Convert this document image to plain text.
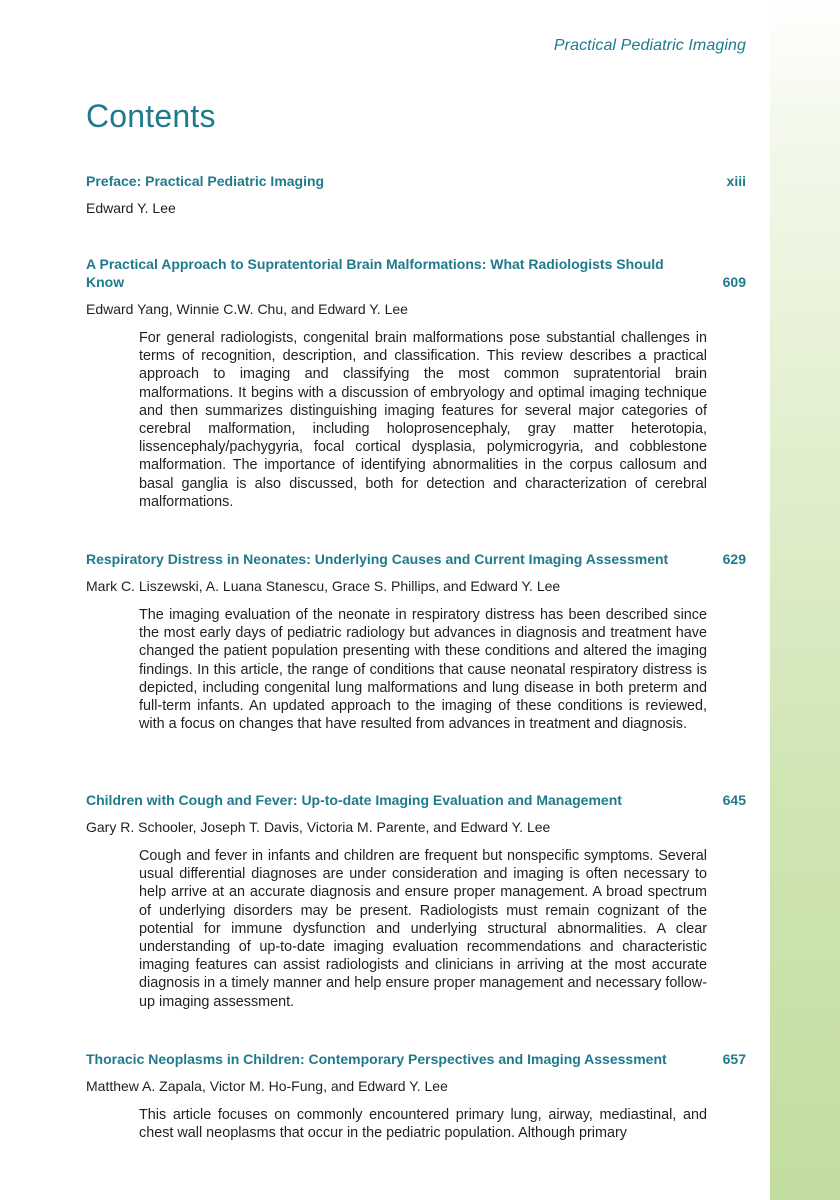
Practical Pediatric Imaging
Contents
Preface: Practical Pediatric Imaging	xiii
Edward Y. Lee
A Practical Approach to Supratentorial Brain Malformations: What Radiologists Should Know	609
Edward Yang, Winnie C.W. Chu, and Edward Y. Lee
For general radiologists, congenital brain malformations pose substantial challenges in terms of recognition, description, and classification. This review describes a practical approach to imaging and classifying the most common supratentorial brain malformations. It begins with a discussion of embryology and optimal imaging technique and then summarizes distinguishing imaging features for several major categories of cerebral malformation, including holoprosencephaly, gray matter heterotopia, lissencephaly/pachygyria, focal cortical dysplasia, polymicrogyria, and cobblestone malformation. The importance of identifying abnormalities in the corpus callosum and basal ganglia is also discussed, both for detection and characterization of cerebral malformations.
Respiratory Distress in Neonates: Underlying Causes and Current Imaging Assessment	629
Mark C. Liszewski, A. Luana Stanescu, Grace S. Phillips, and Edward Y. Lee
The imaging evaluation of the neonate in respiratory distress has been described since the most early days of pediatric radiology but advances in diagnosis and treatment have changed the patient population presenting with these conditions and altered the imaging findings. In this article, the range of conditions that cause neonatal respiratory distress is depicted, including congenital lung malformations and lung disease in both preterm and full-term infants. An updated approach to the imaging of these conditions is reviewed, with a focus on changes that have resulted from advances in treatment and diagnosis.
Children with Cough and Fever: Up-to-date Imaging Evaluation and Management	645
Gary R. Schooler, Joseph T. Davis, Victoria M. Parente, and Edward Y. Lee
Cough and fever in infants and children are frequent but nonspecific symptoms. Several usual differential diagnoses are under consideration and imaging is often necessary to help arrive at an accurate diagnosis and ensure proper management. A broad spectrum of underlying disorders may be present. Radiologists must remain cognizant of the potential for immune dysfunction and underlying structural abnormalities. A clear understanding of up-to-date imaging evaluation recommendations and characteristic imaging features can assist radiologists and clinicians in arriving at the most accurate diagnosis in a timely manner and help ensure proper management and necessary follow-up imaging assessment.
Thoracic Neoplasms in Children: Contemporary Perspectives and Imaging Assessment	657
Matthew A. Zapala, Victor M. Ho-Fung, and Edward Y. Lee
This article focuses on commonly encountered primary lung, airway, mediastinal, and chest wall neoplasms that occur in the pediatric population. Although primary
